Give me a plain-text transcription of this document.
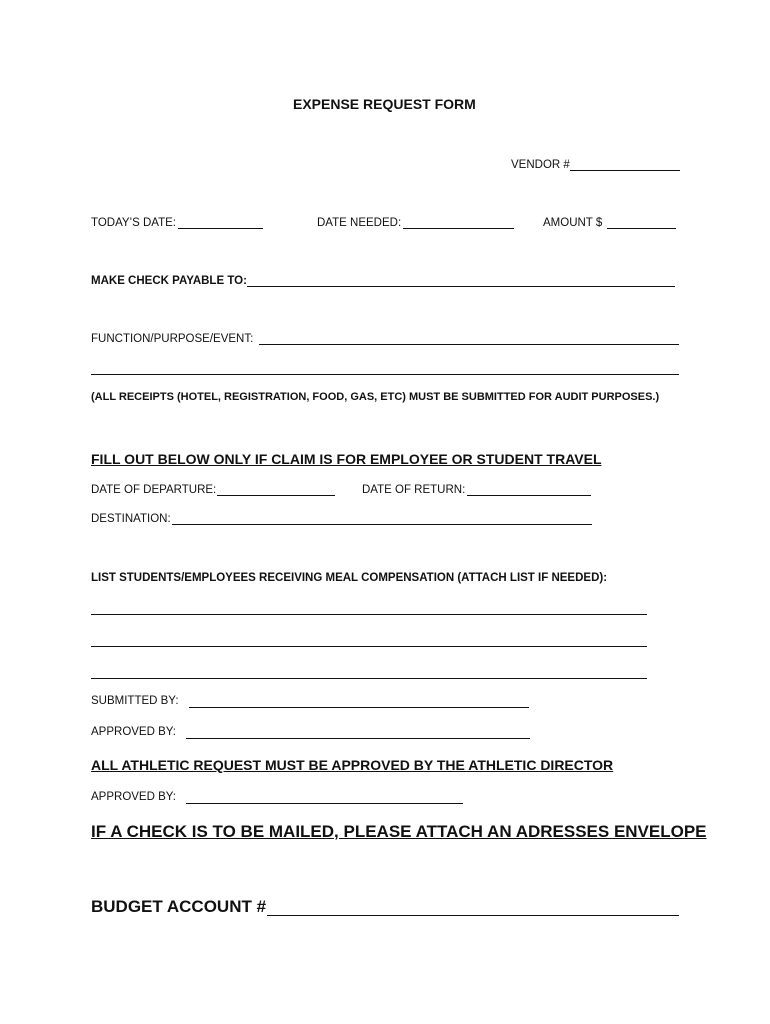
EXPENSE REQUEST FORM
VENDOR #
TODAY’S DATE:	DATE NEEDED:	AMOUNT $
MAKE CHECK PAYABLE TO:
FUNCTION/PURPOSE/EVENT:
(ALL RECEIPTS (HOTEL, REGISTRATION, FOOD, GAS, ETC) MUST BE SUBMITTED FOR AUDIT PURPOSES.)
FILL OUT BELOW ONLY IF CLAIM IS FOR EMPLOYEE OR STUDENT TRAVEL
DATE OF DEPARTURE:	DATE OF RETURN:
DESTINATION:
LIST STUDENTS/EMPLOYEES RECEIVING MEAL COMPENSATION (ATTACH LIST IF NEEDED):
SUBMITTED BY:
APPROVED BY:
ALL ATHLETIC REQUEST MUST BE APPROVED BY THE ATHLETIC DIRECTOR
APPROVED BY:
IF A CHECK IS TO BE MAILED, PLEASE ATTACH AN ADRESSES ENVELOPE
BUDGET ACCOUNT #
